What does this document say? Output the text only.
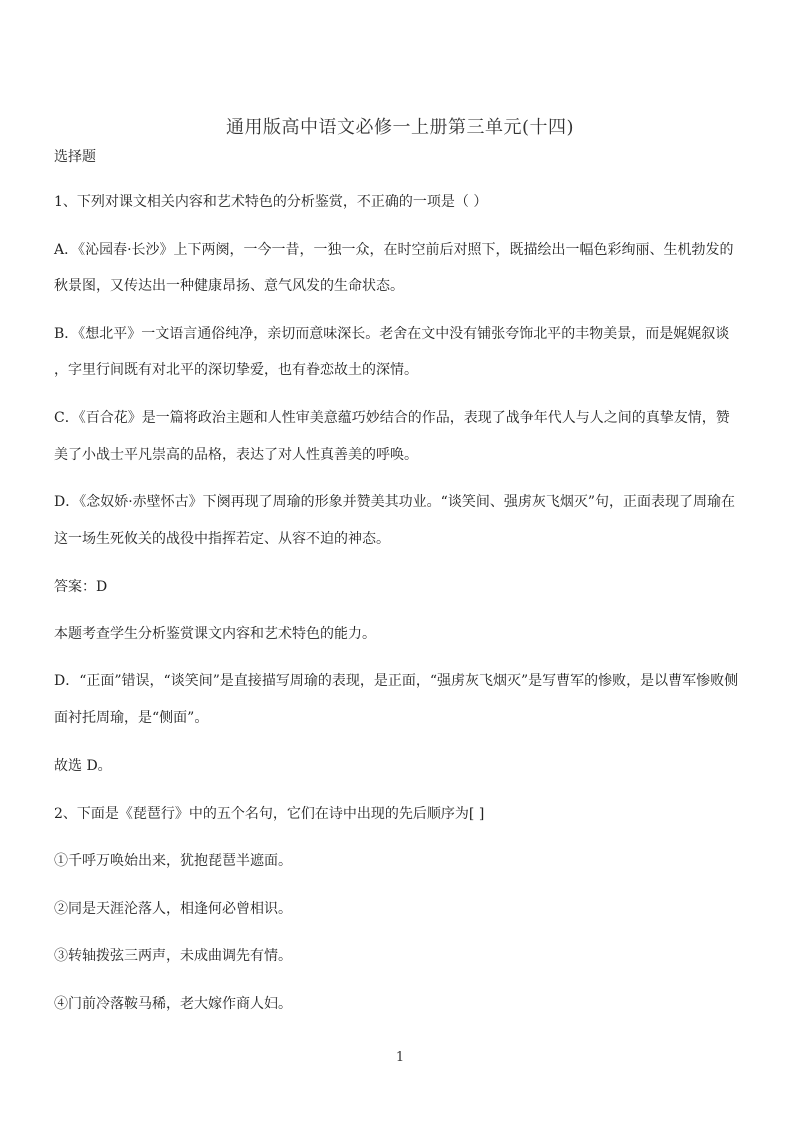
通用版高中语文必修一上册第三单元(十四)
选择题
1、下列对课文相关内容和艺术特色的分析鉴赏，不正确的一项是（ ）
A．《沁园春·长沙》上下两阕，一今一昔，一独一众，在时空前后对照下，既描绘出一幅色彩绚丽、生机勃发的
秋景图，又传达出一种健康昂扬、意气风发的生命状态。
B．《想北平》一文语言通俗纯净，亲切而意味深长。老舍在文中没有铺张夸饰北平的丰物美景，而是娓娓叙谈
，字里行间既有对北平的深切挚爱，也有眷恋故土的深情。
C．《百合花》是一篇将政治主题和人性审美意蕴巧妙结合的作品，表现了战争年代人与人之间的真挚友情，赞
美了小战士平凡崇高的品格，表达了对人性真善美的呼唤。
D．《念奴娇·赤壁怀古》下阕再现了周瑜的形象并赞美其功业。“谈笑间、强虏灰飞烟灭”句，正面表现了周瑜在
这一场生死攸关的战役中指挥若定、从容不迫的神态。
答案：D
本题考查学生分析鉴赏课文内容和艺术特色的能力。
D．“正面”错误，“谈笑间”是直接描写周瑜的表现，是正面，“强虏灰飞烟灭”是写曹军的惨败，是以曹军惨败侧
面衬托周瑜，是“侧面”。
故选 D。
2、下面是《琵琶行》中的五个名句，它们在诗中出现的先后顺序为[ ]
①千呼万唤始出来，犹抱琵琶半遮面。
②同是天涯沦落人，相逢何必曾相识。
③转轴拨弦三两声，未成曲调先有情。
④门前冷落鞍马稀，老大嫁作商人妇。
1
